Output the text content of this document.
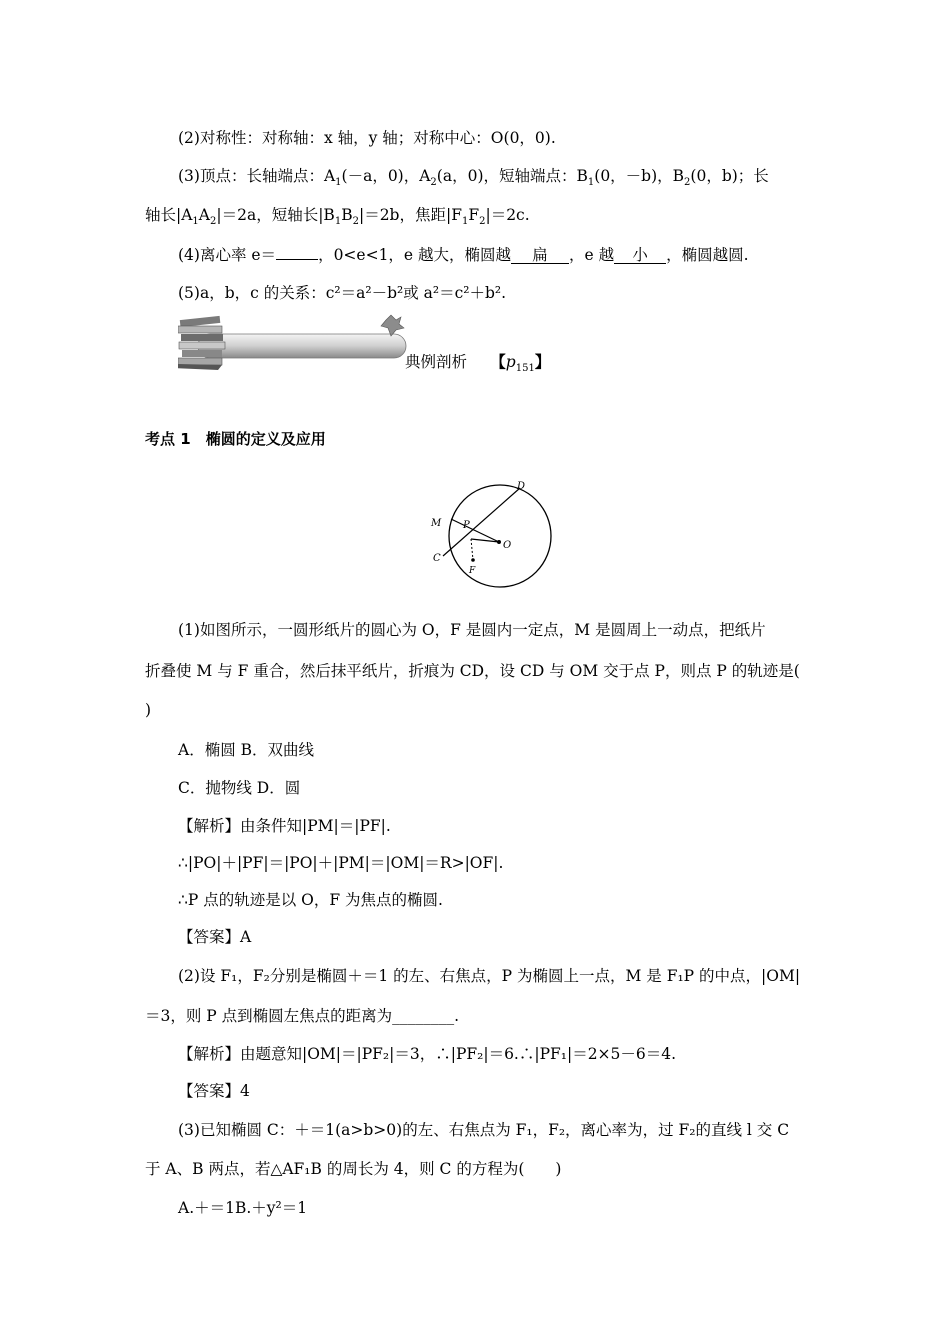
(2)对称性：对称轴：x 轴，y 轴；对称中心：O(0，0).
(3)顶点：长轴端点：$A_1(-a$，0)，$A_2(a$，0)，短轴端点：$B_1(0$，－b)，$B_2(0$，b)；长
轴长$|A_1A_2|=2a$，短轴长$|B_1B_2|=2b$，焦距$|F_1F_2|=2c$.
(4)离心率 e＝	，0<e<1，e 越大，椭圆越 扁 ，e 越 小 ，椭圆越圆.
(5)a，b，c 的关系：c²＝a²－b²或 a²＝c²＋b².
典例剖析　　 【$p_{151}$】
考点 1　 椭圆的定义及应用
D
M P
O
C
F
(1)如图所示，一圆形纸片的圆心为 O，F 是圆内一定点，M 是圆周上一动点，把纸片
折叠使 M 与 F 重合，然后抹平纸片，折痕为 CD，设 CD 与 OM 交于点 P，则点 P 的轨迹是(
)
A．椭圆 B．双曲线
C．抛物线 D．圆
【解析】由条件知|PM|＝|PF|.
∴|PO|＋|PF|＝|PO|＋|PM|＝|OM|＝R>|OF|.
∴P 点的轨迹是以 O，F 为焦点的椭圆.
【答案】A
(2)设 F₁，F₂分别是椭圆＋＝1 的左、右焦点，P 为椭圆上一点，M 是 F₁P 的中点，|OM|
＝3，则 P 点到椭圆左焦点的距离为________.
【解析】由题意知|OM|＝|PF₂|＝3，∴|PF₂|＝6.∴|PF₁|＝2×5－6＝4.
【答案】4
(3)已知椭圆 C：＋＝1(a>b>0)的左、右焦点为 F₁，F₂，离心率为，过 F₂的直线 l 交 C
于 A、B 两点，若△AF₁B 的周长为 4，则 C 的方程为(　　)
A.＋＝1B.＋y²＝1
